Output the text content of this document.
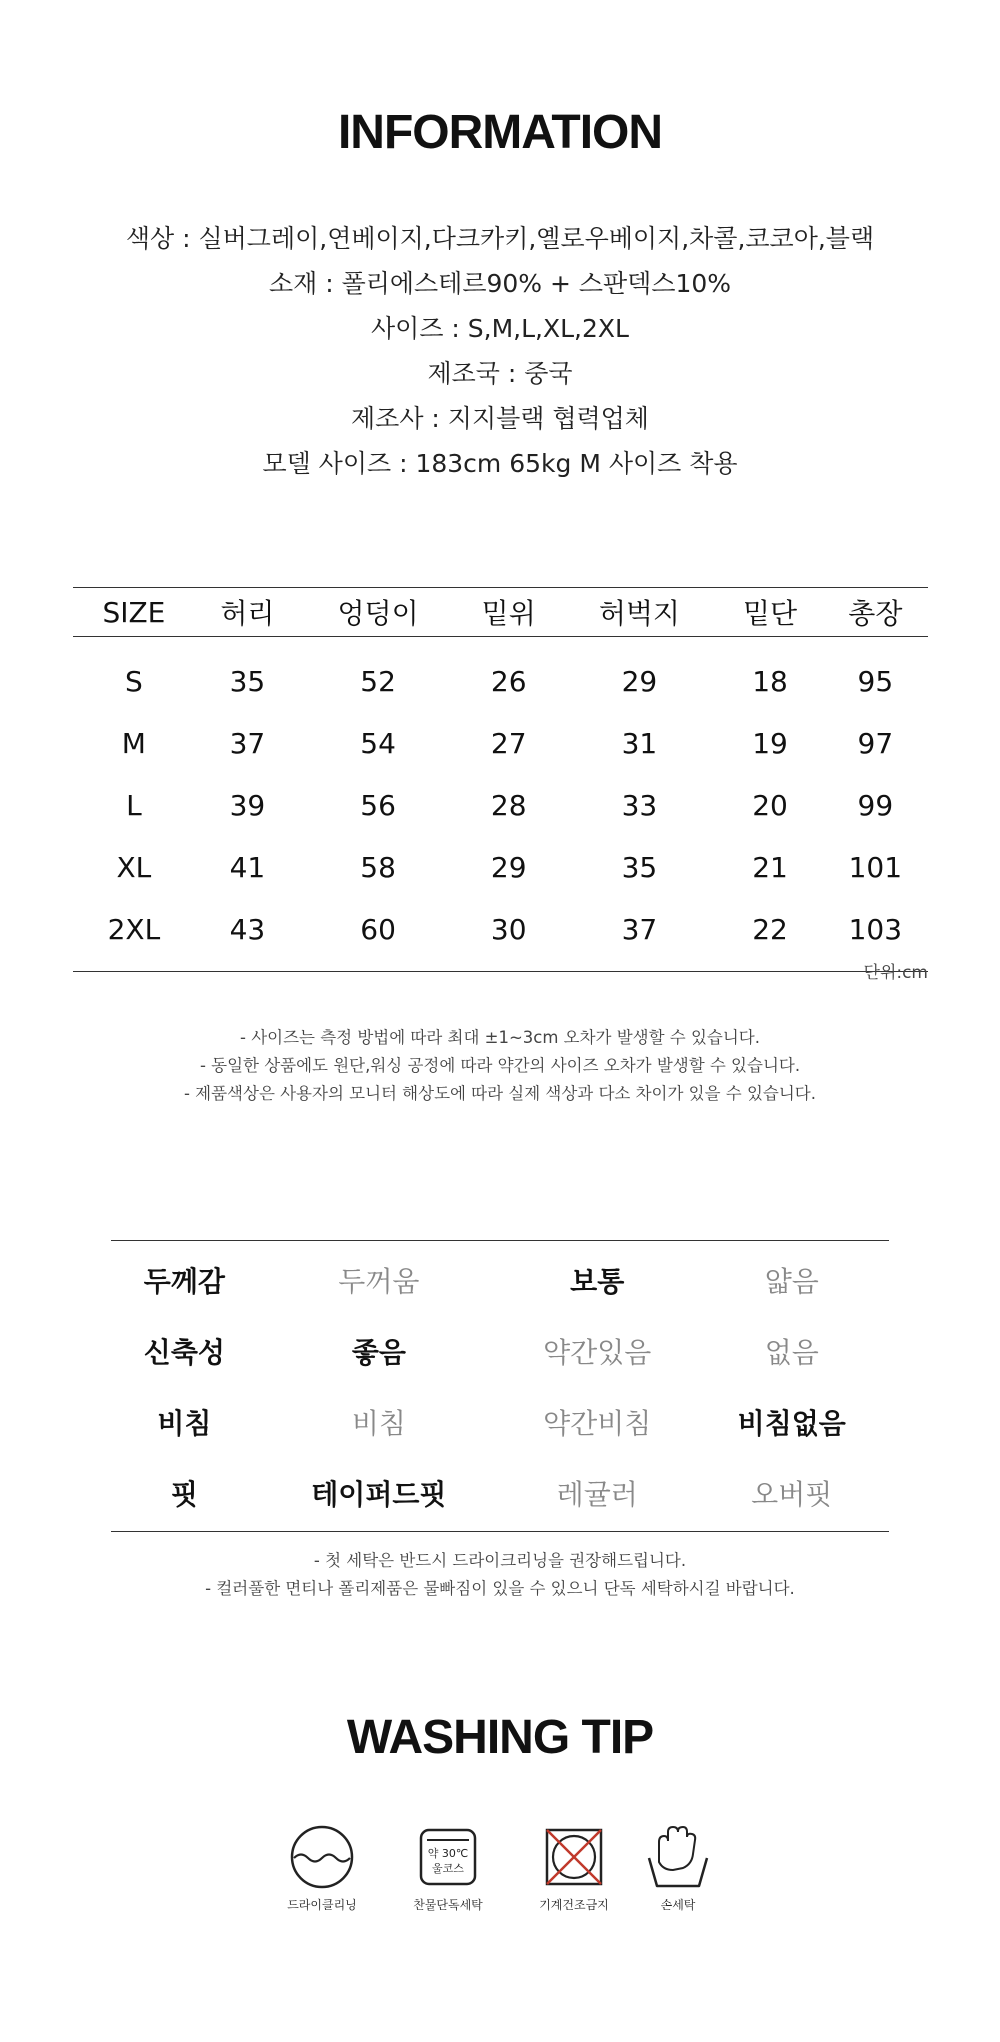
INFORMATION
색상 : 실버그레이,연베이지,다크카키,옐로우베이지,차콜,코코아,블랙
소재 : 폴리에스테르90% + 스판덱스10%
사이즈 : S,M,L,XL,2XL
제조국 : 중국
제조사 : 지지블랙 협력업체
모델 사이즈 : 183cm 65kg M 사이즈 착용
SIZE	허리	엉덩이	밑위	허벅지	밑단	총장
S	35	52	26	29	18	95
M	37	54	27	31	19	97
L	39	56	28	33	20	99
XL	41	58	29	35	21	101
2XL	43	60	30	37	22	103
단위:cm
- 사이즈는 측정 방법에 따라 최대 ±1~3cm 오차가 발생할 수 있습니다.
- 동일한 상품에도 원단,워싱 공정에 따라 약간의 사이즈 오차가 발생할 수 있습니다.
- 제품색상은 사용자의 모니터 해상도에 따라 실제 색상과 다소 차이가 있을 수 있습니다.
두께감	두꺼움	보통	얇음
신축성	좋음	약간있음	없음
비침	비침	약간비침	비침없음
핏	테이퍼드핏	레귤러	오버핏
- 첫 세탁은 반드시 드라이크리닝을 권장해드립니다.
- 컬러풀한 면티나 폴리제품은 물빠짐이 있을 수 있으니 단독 세탁하시길 바랍니다.
WASHING TIP
드라이클리닝
약 30℃
울코스
찬물단독세탁	기계건조금지	손세탁
